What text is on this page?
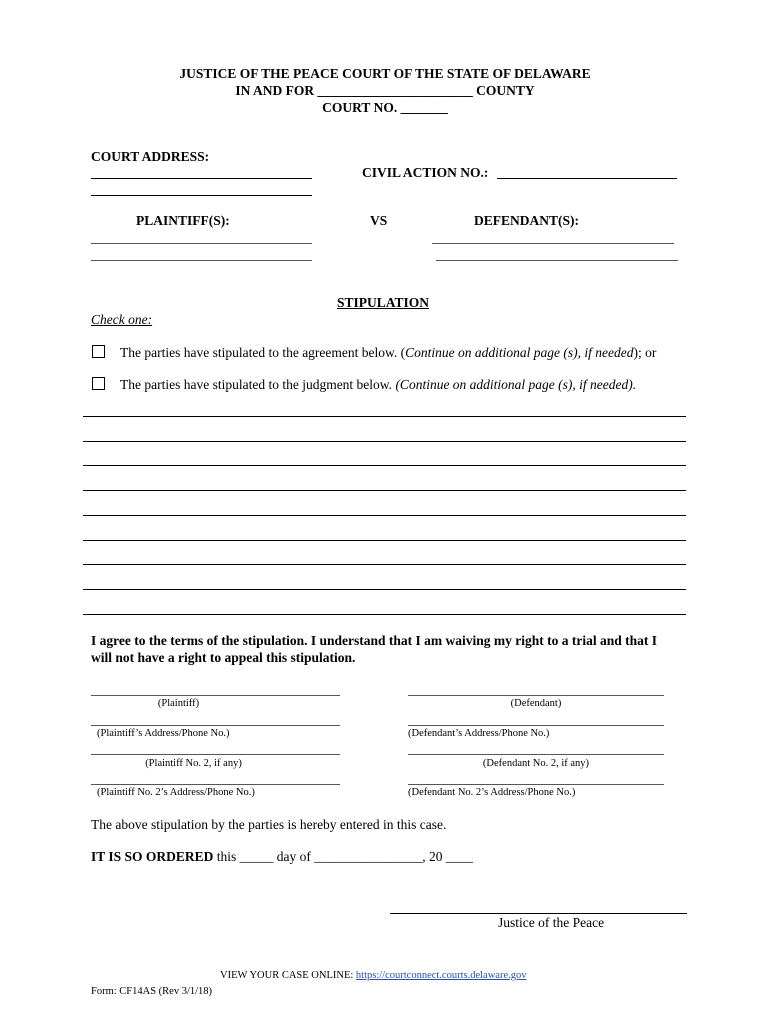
JUSTICE OF THE PEACE COURT OF THE STATE OF DELAWARE
IN AND FOR _______________________ COUNTY
COURT NO. _______
COURT ADDRESS:
CIVIL ACTION NO.:
PLAINTIFF(S):	VS	DEFENDANT(S):
STIPULATION
Check one:
The parties have stipulated to the agreement below. (Continue on additional page (s), if needed); or
The parties have stipulated to the judgment below. (Continue on additional page (s), if needed).
I agree to the terms of the stipulation. I understand that I am waiving my right to a trial and that I
will not have a right to appeal this stipulation.
(Plaintiff)	(Defendant)
(Plaintiff’s Address/Phone No.)	(Defendant’s Address/Phone No.)
(Plaintiff No. 2, if any)	(Defendant No. 2, if any)
(Plaintiff No. 2’s Address/Phone No.)	(Defendant No. 2’s Address/Phone No.)
The above stipulation by the parties is hereby entered in this case.
IT IS SO ORDERED this _____ day of ________________, 20 ____
Justice of the Peace
VIEW YOUR CASE ONLINE: https://courtconnect.courts.delaware.gov
Form: CF14AS (Rev 3/1/18)
